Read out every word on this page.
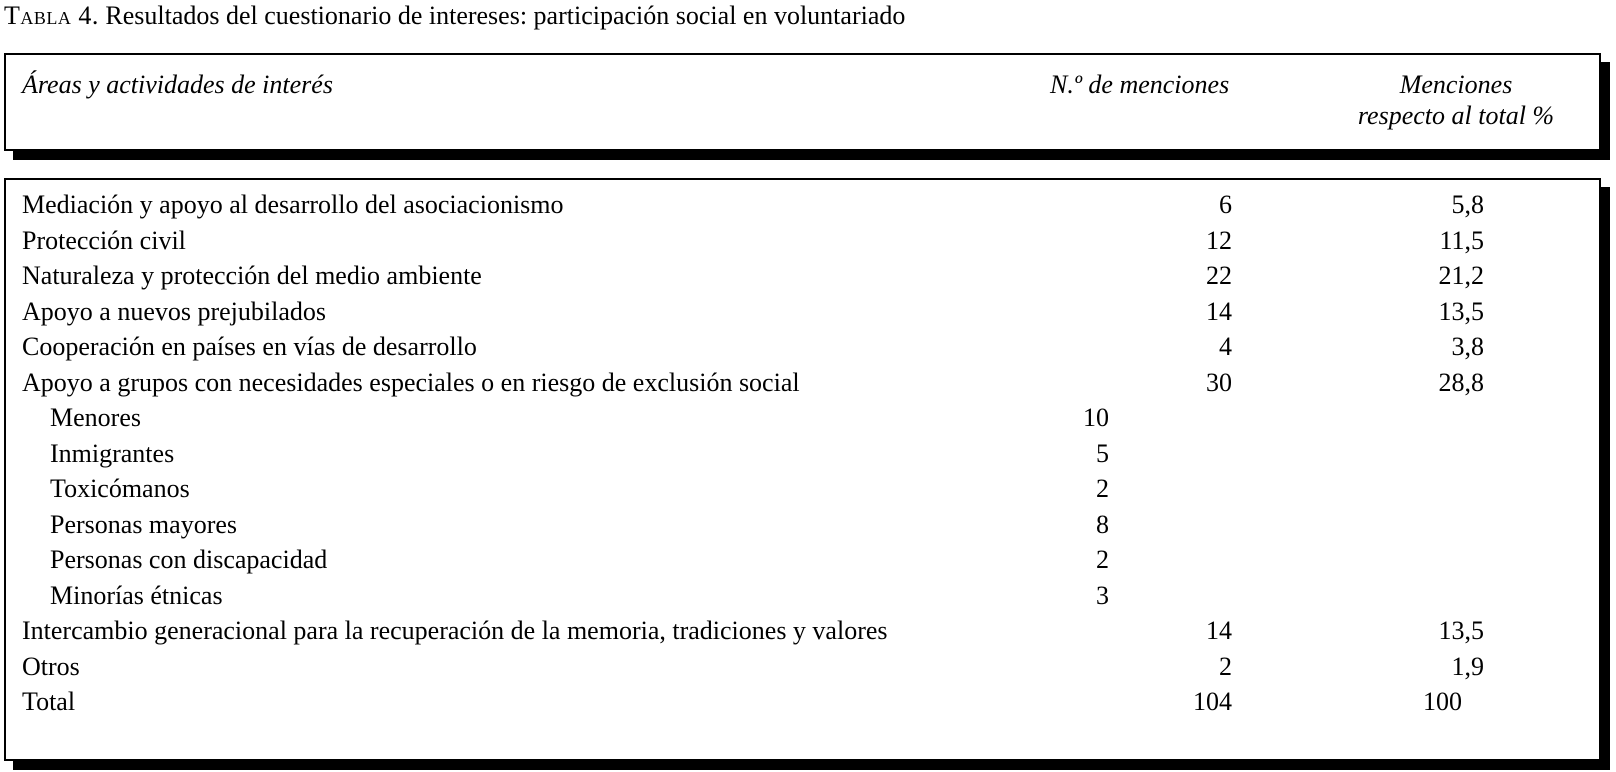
Tabla 4. Resultados del cuestionario de intereses: participación social en voluntariado
Áreas y actividades de interés	N.º de menciones	Menciones
respecto al total %
Mediación y apoyo al desarrollo del asociacionismo	6	5,8
Protección civil	12	11,5
Naturaleza y protección del medio ambiente	22	21,2
Apoyo a nuevos prejubilados	14	13,5
Cooperación en países en vías de desarrollo	4	3,8
Apoyo a grupos con necesidades especiales o en riesgo de exclusión social	30	28,8
Menores	10
Inmigrantes	5
Toxicómanos	2
Personas mayores	8
Personas con discapacidad	2
Minorías étnicas	3
Intercambio generacional para la recuperación de la memoria, tradiciones y valores	14	13,5
Otros	2	1,9
Total	104	100
